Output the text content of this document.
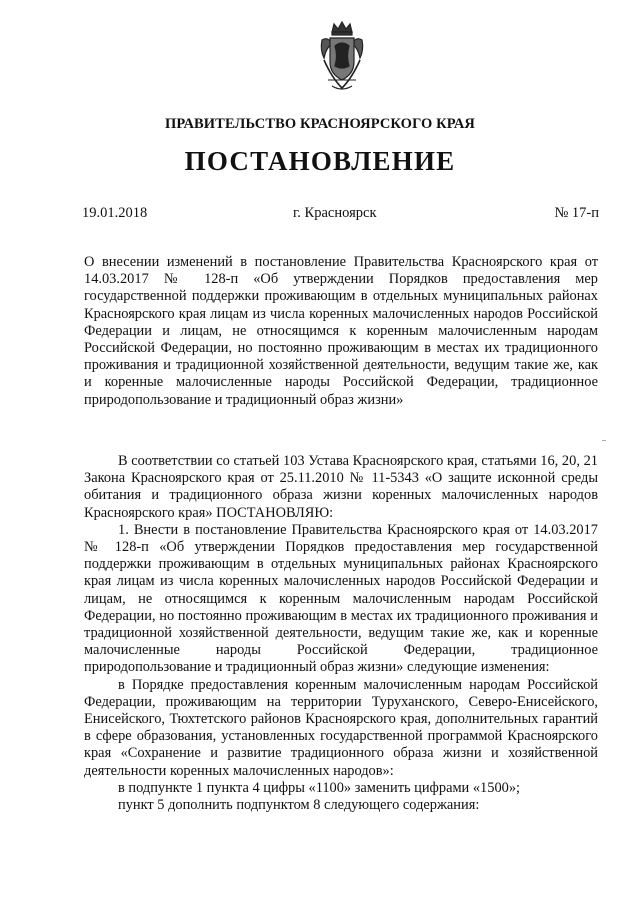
ПРАВИТЕЛЬСТВО КРАСНОЯРСКОГО КРАЯ
ПОСТАНОВЛЕНИЕ
19.01.2018	г. Красноярск	№ 17-п

О внесении изменений в постановление Правительства Красноярского края от 14.03.2017 № 128-п «Об утверждении Порядков предоставления мер государственной поддержки проживающим в отдельных муниципальных районах Красноярского края лицам из числа коренных малочисленных народов Российской Федерации и лицам, не относящимся к коренным малочисленным народам Российской Федерации, но постоянно проживающим в местах их традиционного проживания и традиционной хозяйственной деятельности, ведущим такие же, как и коренные малочисленные народы Российской Федерации, традиционное природопользование и традиционный образ жизни»

В соответствии со статьей 103 Устава Красноярского края, статьями 16, 20, 21 Закона Красноярского края от 25.11.2010 № 11-5343 «О защите исконной среды обитания и традиционного образа жизни коренных малочисленных народов Красноярского края» ПОСТАНОВЛЯЮ:

1. Внести в постановление Правительства Красноярского края от 14.03.2017 № 128-п «Об утверждении Порядков предоставления мер государственной поддержки проживающим в отдельных муниципальных районах Красноярского края лицам из числа коренных малочисленных народов Российской Федерации и лицам, не относящимся к коренным малочисленным народам Российской Федерации, но постоянно проживающим в местах их традиционного проживания и традиционной хозяйственной деятельности, ведущим такие же, как и коренные малочисленные народы Российской Федерации, традиционное природопользование и традиционный образ жизни» следующие изменения:

в Порядке предоставления коренным малочисленным народам Российской Федерации, проживающим на территории Туруханского, Северо-Енисейского, Енисейского, Тюхтетского районов Красноярского края, дополнительных гарантий в сфере образования, установленных государственной программой Красноярского края «Сохранение и развитие традиционного образа жизни и хозяйственной деятельности коренных малочисленных народов»:

в подпункте 1 пункта 4 цифры «1100» заменить цифрами «1500»;

пункт 5 дополнить подпунктом 8 следующего содержания:
